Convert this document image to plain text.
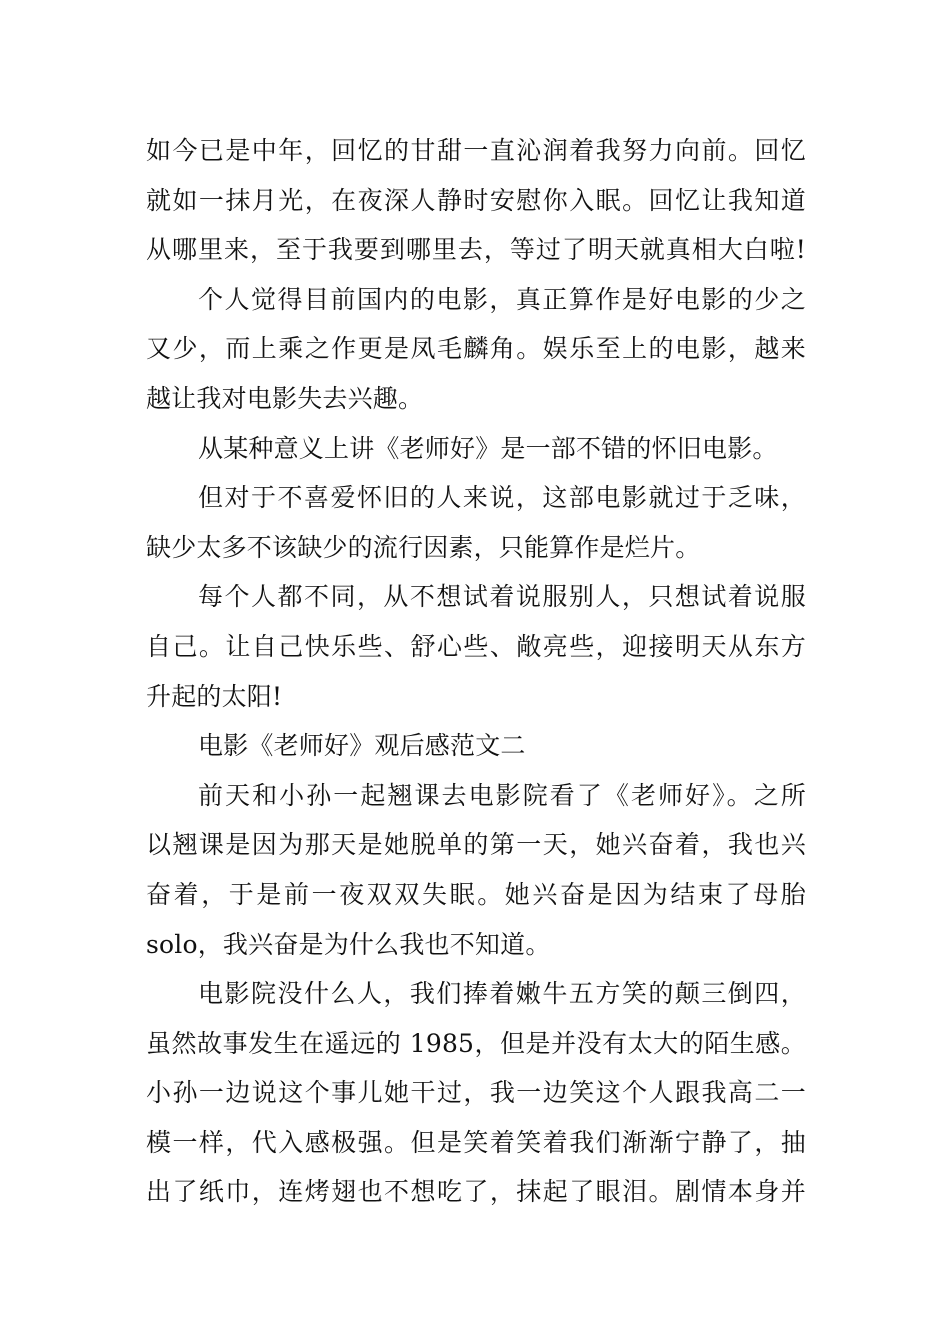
如今已是中年，回忆的甘甜一直沁润着我努力向前。回忆
就如一抹月光，在夜深人静时安慰你入眠。回忆让我知道
从哪里来，至于我要到哪里去，等过了明天就真相大白啦!
个人觉得目前国内的电影，真正算作是好电影的少之
又少，而上乘之作更是凤毛麟角。娱乐至上的电影，越来
越让我对电影失去兴趣。
从某种意义上讲《老师好》是一部不错的怀旧电影。
但对于不喜爱怀旧的人来说，这部电影就过于乏味，
缺少太多不该缺少的流行因素，只能算作是烂片。
每个人都不同，从不想试着说服别人，只想试着说服
自己。让自己快乐些、舒心些、敞亮些，迎接明天从东方
升起的太阳!
电影《老师好》观后感范文二
前天和小孙一起翘课去电影院看了《老师好》。之所
以翘课是因为那天是她脱单的第一天，她兴奋着，我也兴
奋着，于是前一夜双双失眠。她兴奋是因为结束了母胎
solo，我兴奋是为什么我也不知道。
电影院没什么人，我们捧着嫩牛五方笑的颠三倒四，
虽然故事发生在遥远的 1985，但是并没有太大的陌生感。
小孙一边说这个事儿她干过，我一边笑这个人跟我高二一
模一样，代入感极强。但是笑着笑着我们渐渐宁静了，抽
出了纸巾，连烤翅也不想吃了，抹起了眼泪。剧情本身并
